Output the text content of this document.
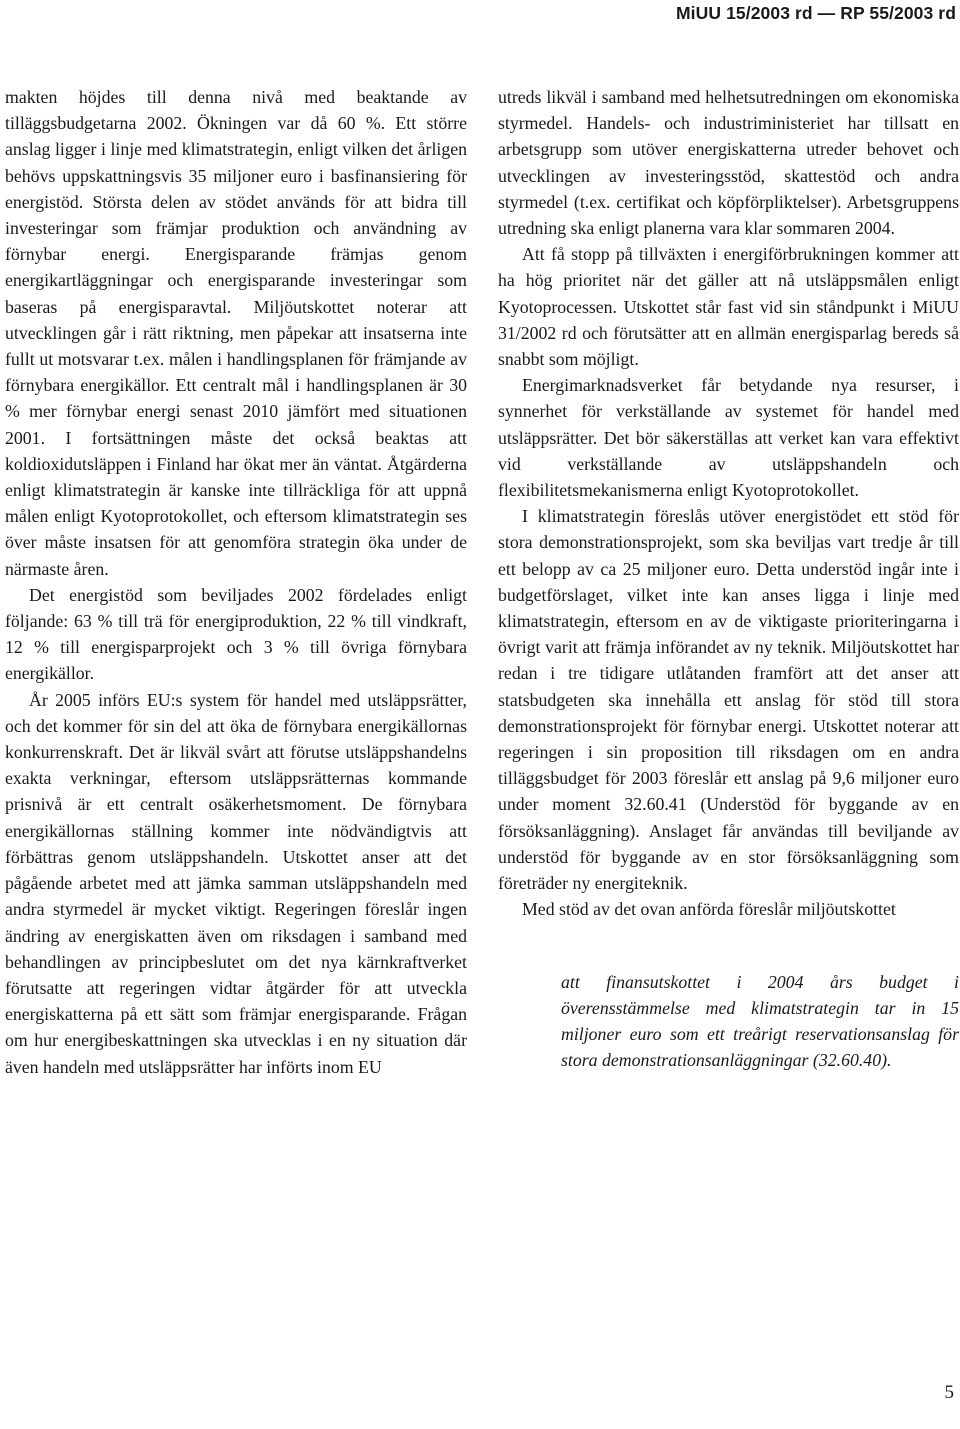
MiUU 15/2003 rd — RP 55/2003 rd

makten höjdes till denna nivå med beaktande av tilläggsbudgetarna 2002. Ökningen var då 60 %. Ett större anslag ligger i linje med klimatstrategin, enligt vilken det årligen behövs uppskattningsvis 35 miljoner euro i basfinansiering för energistöd. Största delen av stödet används för att bidra till investeringar som främjar produktion och användning av förnybar energi. Energisparande främjas genom energikartläggningar och energisparande investeringar som baseras på energisparavtal. Miljöutskottet noterar att utvecklingen går i rätt riktning, men påpekar att insatserna inte fullt ut motsvarar t.ex. målen i handlingsplanen för främjande av förnybara energikällor. Ett centralt mål i handlingsplanen är 30 % mer förnybar energi senast 2010 jämfört med situationen 2001. I fortsättningen måste det också beaktas att koldioxidutsläppen i Finland har ökat mer än väntat. Åtgärderna enligt klimatstrategin är kanske inte tillräckliga för att uppnå målen enligt Kyotoprotokollet, och eftersom klimatstrategin ses över måste insatsen för att genomföra strategin öka under de närmaste åren.

Det energistöd som beviljades 2002 fördelades enligt följande: 63 % till trä för energiproduktion, 22 % till vindkraft, 12 % till energisparprojekt och 3 % till övriga förnybara energikällor.

År 2005 införs EU:s system för handel med utsläppsrätter, och det kommer för sin del att öka de förnybara energikällornas konkurrenskraft. Det är likväl svårt att förutse utsläppshandelns exakta verkningar, eftersom utsläppsrätternas kommande prisnivå är ett centralt osäkerhetsmoment. De förnybara energikällornas ställning kommer inte nödvändigtvis att förbättras genom utsläppshandeln. Utskottet anser att det pågående arbetet med att jämka samman utsläppshandeln med andra styrmedel är mycket viktigt. Regeringen föreslår ingen ändring av energiskatten även om riksdagen i samband med behandlingen av principbeslutet om det nya kärnkraftverket förutsatte att regeringen vidtar åtgärder för att utveckla energiskatterna på ett sätt som främjar energisparande. Frågan om hur energibeskattningen ska utvecklas i en ny situation där även handeln med utsläppsrätter har införts inom EU

utreds likväl i samband med helhetsutredningen om ekonomiska styrmedel. Handels- och industriministeriet har tillsatt en arbetsgrupp som utöver energiskatterna utreder behovet och utvecklingen av investeringsstöd, skattestöd och andra styrmedel (t.ex. certifikat och köpförpliktelser). Arbetsgruppens utredning ska enligt planerna vara klar sommaren 2004.

Att få stopp på tillväxten i energiförbrukningen kommer att ha hög prioritet när det gäller att nå utsläppsmålen enligt Kyotoprocessen. Utskottet står fast vid sin ståndpunkt i MiUU 31/2002 rd och förutsätter att en allmän energisparlag bereds så snabbt som möjligt.

Energimarknadsverket får betydande nya resurser, i synnerhet för verkställande av systemet för handel med utsläppsrätter. Det bör säkerställas att verket kan vara effektivt vid verkställande av utsläppshandeln och flexibilitetsmekanismerna enligt Kyotoprotokollet.

I klimatstrategin föreslås utöver energistödet ett stöd för stora demonstrationsprojekt, som ska beviljas vart tredje år till ett belopp av ca 25 miljoner euro. Detta understöd ingår inte i budgetförslaget, vilket inte kan anses ligga i linje med klimatstrategin, eftersom en av de viktigaste prioriteringarna i övrigt varit att främja införandet av ny teknik. Miljöutskottet har redan i tre tidigare utlåtanden framfört att det anser att statsbudgeten ska innehålla ett anslag för stöd till stora demonstrationsprojekt för förnybar energi. Utskottet noterar att regeringen i sin proposition till riksdagen om en andra tilläggsbudget för 2003 föreslår ett anslag på 9,6 miljoner euro under moment 32.60.41 (Understöd för byggande av en försöksanläggning). Anslaget får användas till beviljande av understöd för byggande av en stor försöksanläggning som företräder ny energiteknik.

Med stöd av det ovan anförda föreslår miljöutskottet

att finansutskottet i 2004 års budget i överensstämmelse med klimatstrategin tar in 15 miljoner euro som ett treårigt reservationsanslag för stora demonstrationsanläggningar (32.60.40).

5
